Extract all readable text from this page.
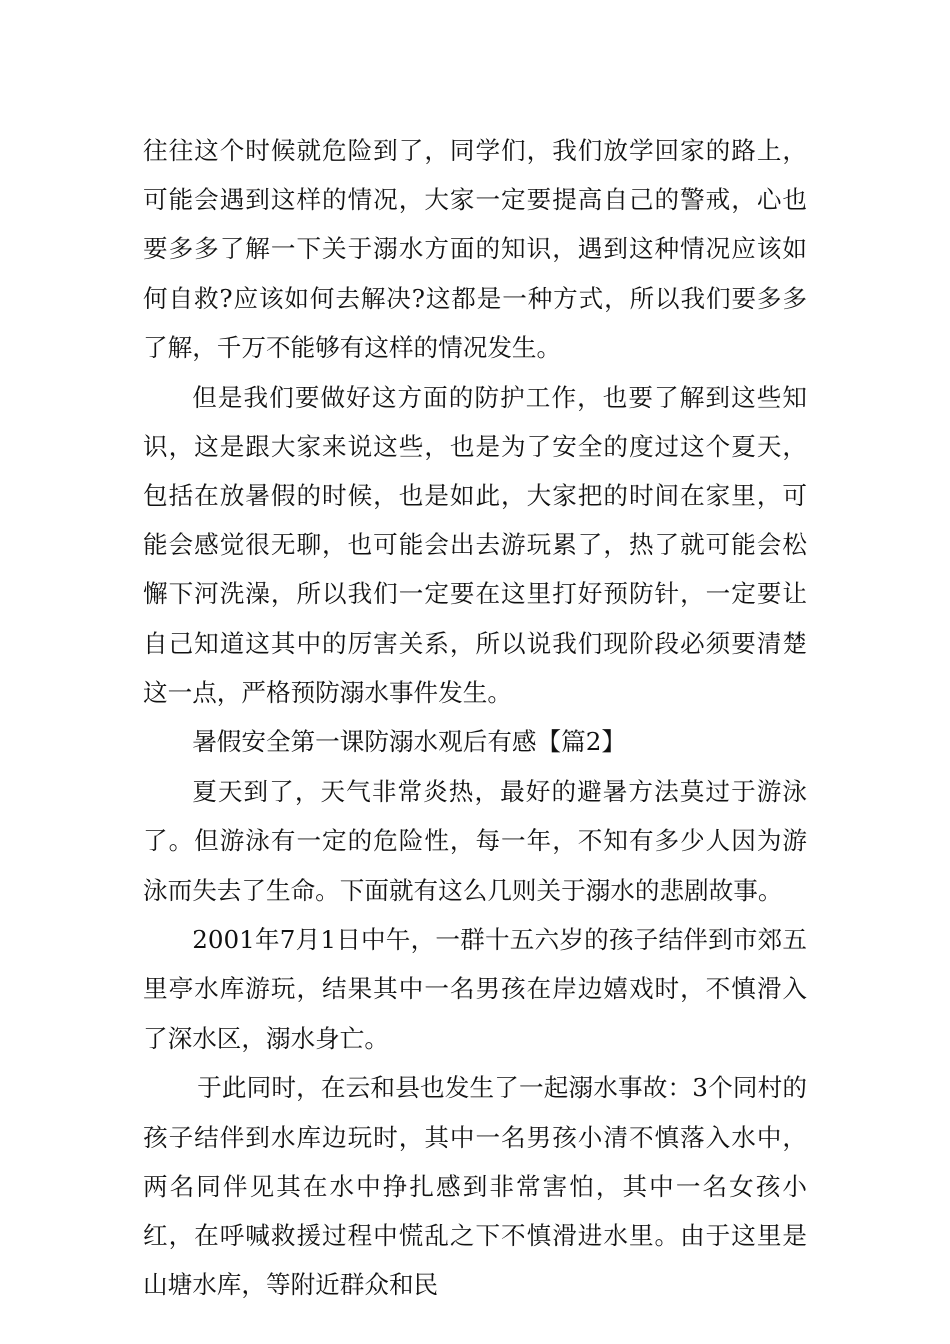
往往这个时候就危险到了，同学们，我们放学回家的路上，可能会遇到这样的情况，大家一定要提高自己的警戒，心也要多多了解一下关于溺水方面的知识，遇到这种情况应该如何自救?应该如何去解决?这都是一种方式，所以我们要多多了解，千万不能够有这样的情况发生。

但是我们要做好这方面的防护工作，也要了解到这些知识，这是跟大家来说这些，也是为了安全的度过这个夏天，包括在放暑假的时候，也是如此，大家把的时间在家里，可能会感觉很无聊，也可能会出去游玩累了，热了就可能会松懈下河洗澡，所以我们一定要在这里打好预防针，一定要让自己知道这其中的厉害关系，所以说我们现阶段必须要清楚这一点，严格预防溺水事件发生。

暑假安全第一课防溺水观后有感【篇2】

夏天到了，天气非常炎热，最好的避暑方法莫过于游泳了。但游泳有一定的危险性，每一年，不知有多少人因为游泳而失去了生命。下面就有这么几则关于溺水的悲剧故事。

2001年7月1日中午，一群十五六岁的孩子结伴到市郊五里亭水库游玩，结果其中一名男孩在岸边嬉戏时，不慎滑入了深水区，溺水身亡。

于此同时，在云和县也发生了一起溺水事故：3个同村的孩子结伴到水库边玩时，其中一名男孩小清不慎落入水中，两名同伴见其在水中挣扎感到非常害怕，其中一名女孩小红，在呼喊救援过程中慌乱之下不慎滑进水里。由于这里是山塘水库，等附近群众和民
